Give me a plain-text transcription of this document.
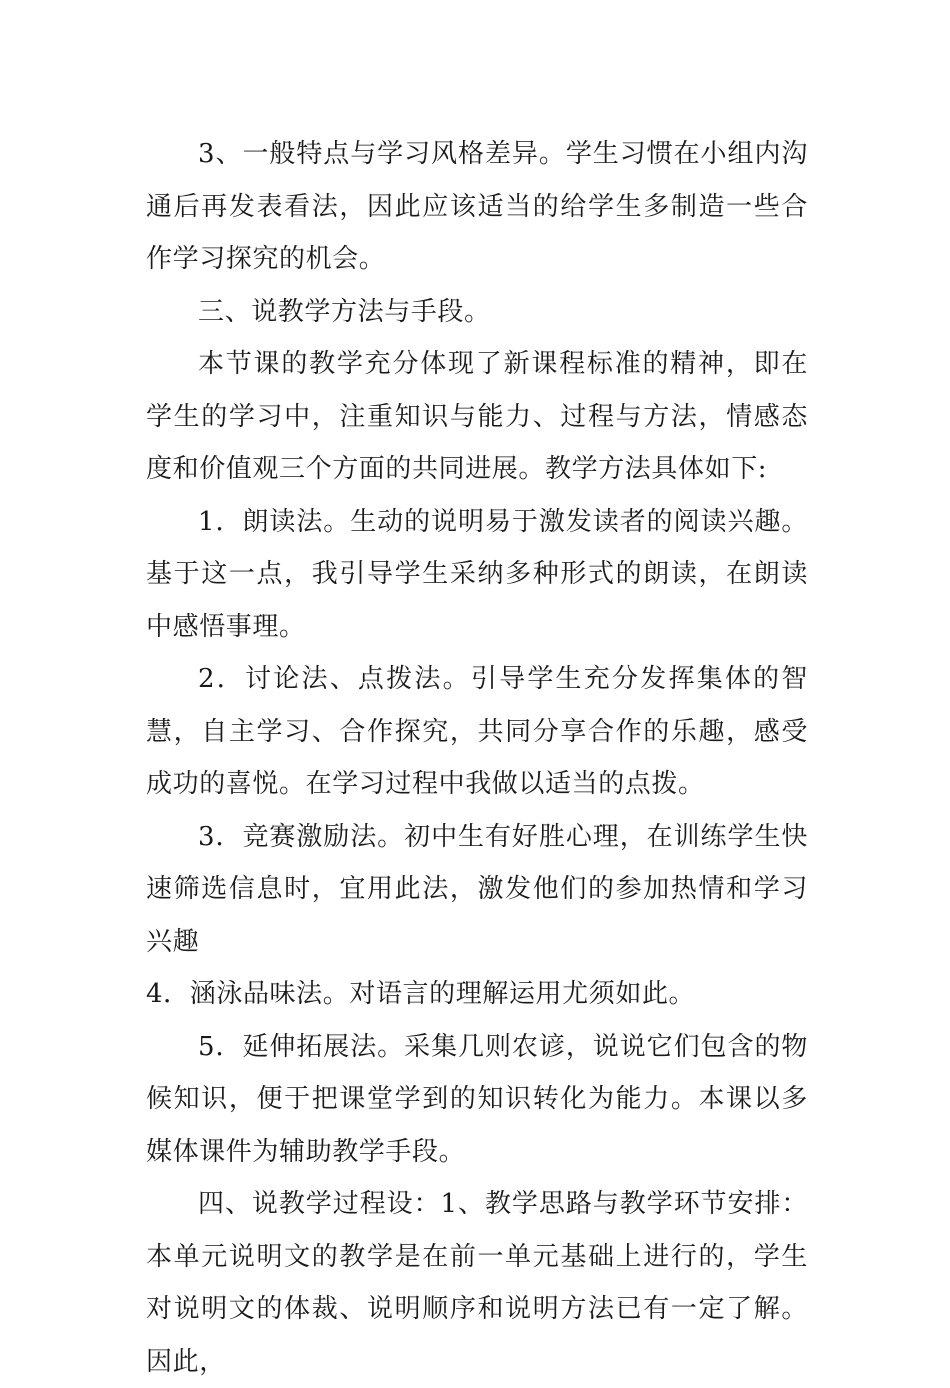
3、一般特点与学习风格差异。学生习惯在小组内沟通后再发表看法，因此应该适当的给学生多制造一些合作学习探究的机会。

三、说教学方法与手段。

本节课的教学充分体现了新课程标准的精神，即在学生的学习中，注重知识与能力、过程与方法，情感态度和价值观三个方面的共同进展。教学方法具体如下:

1．朗读法。生动的说明易于激发读者的阅读兴趣。基于这一点，我引导学生采纳多种形式的朗读，在朗读中感悟事理。

2．讨论法、点拨法。引导学生充分发挥集体的智慧，自主学习、合作探究，共同分享合作的乐趣，感受成功的喜悦。在学习过程中我做以适当的点拨。

3．竞赛激励法。初中生有好胜心理，在训练学生快速筛选信息时，宜用此法，激发他们的参加热情和学习兴趣

4．涵泳品味法。对语言的理解运用尤须如此。

5．延伸拓展法。采集几则农谚，说说它们包含的物候知识，便于把课堂学到的知识转化为能力。本课以多媒体课件为辅助教学手段。

四、说教学过程设：1、教学思路与教学环节安排：本单元说明文的教学是在前一单元基础上进行的，学生对说明文的体裁、说明顺序和说明方法已有一定了解。因此，
